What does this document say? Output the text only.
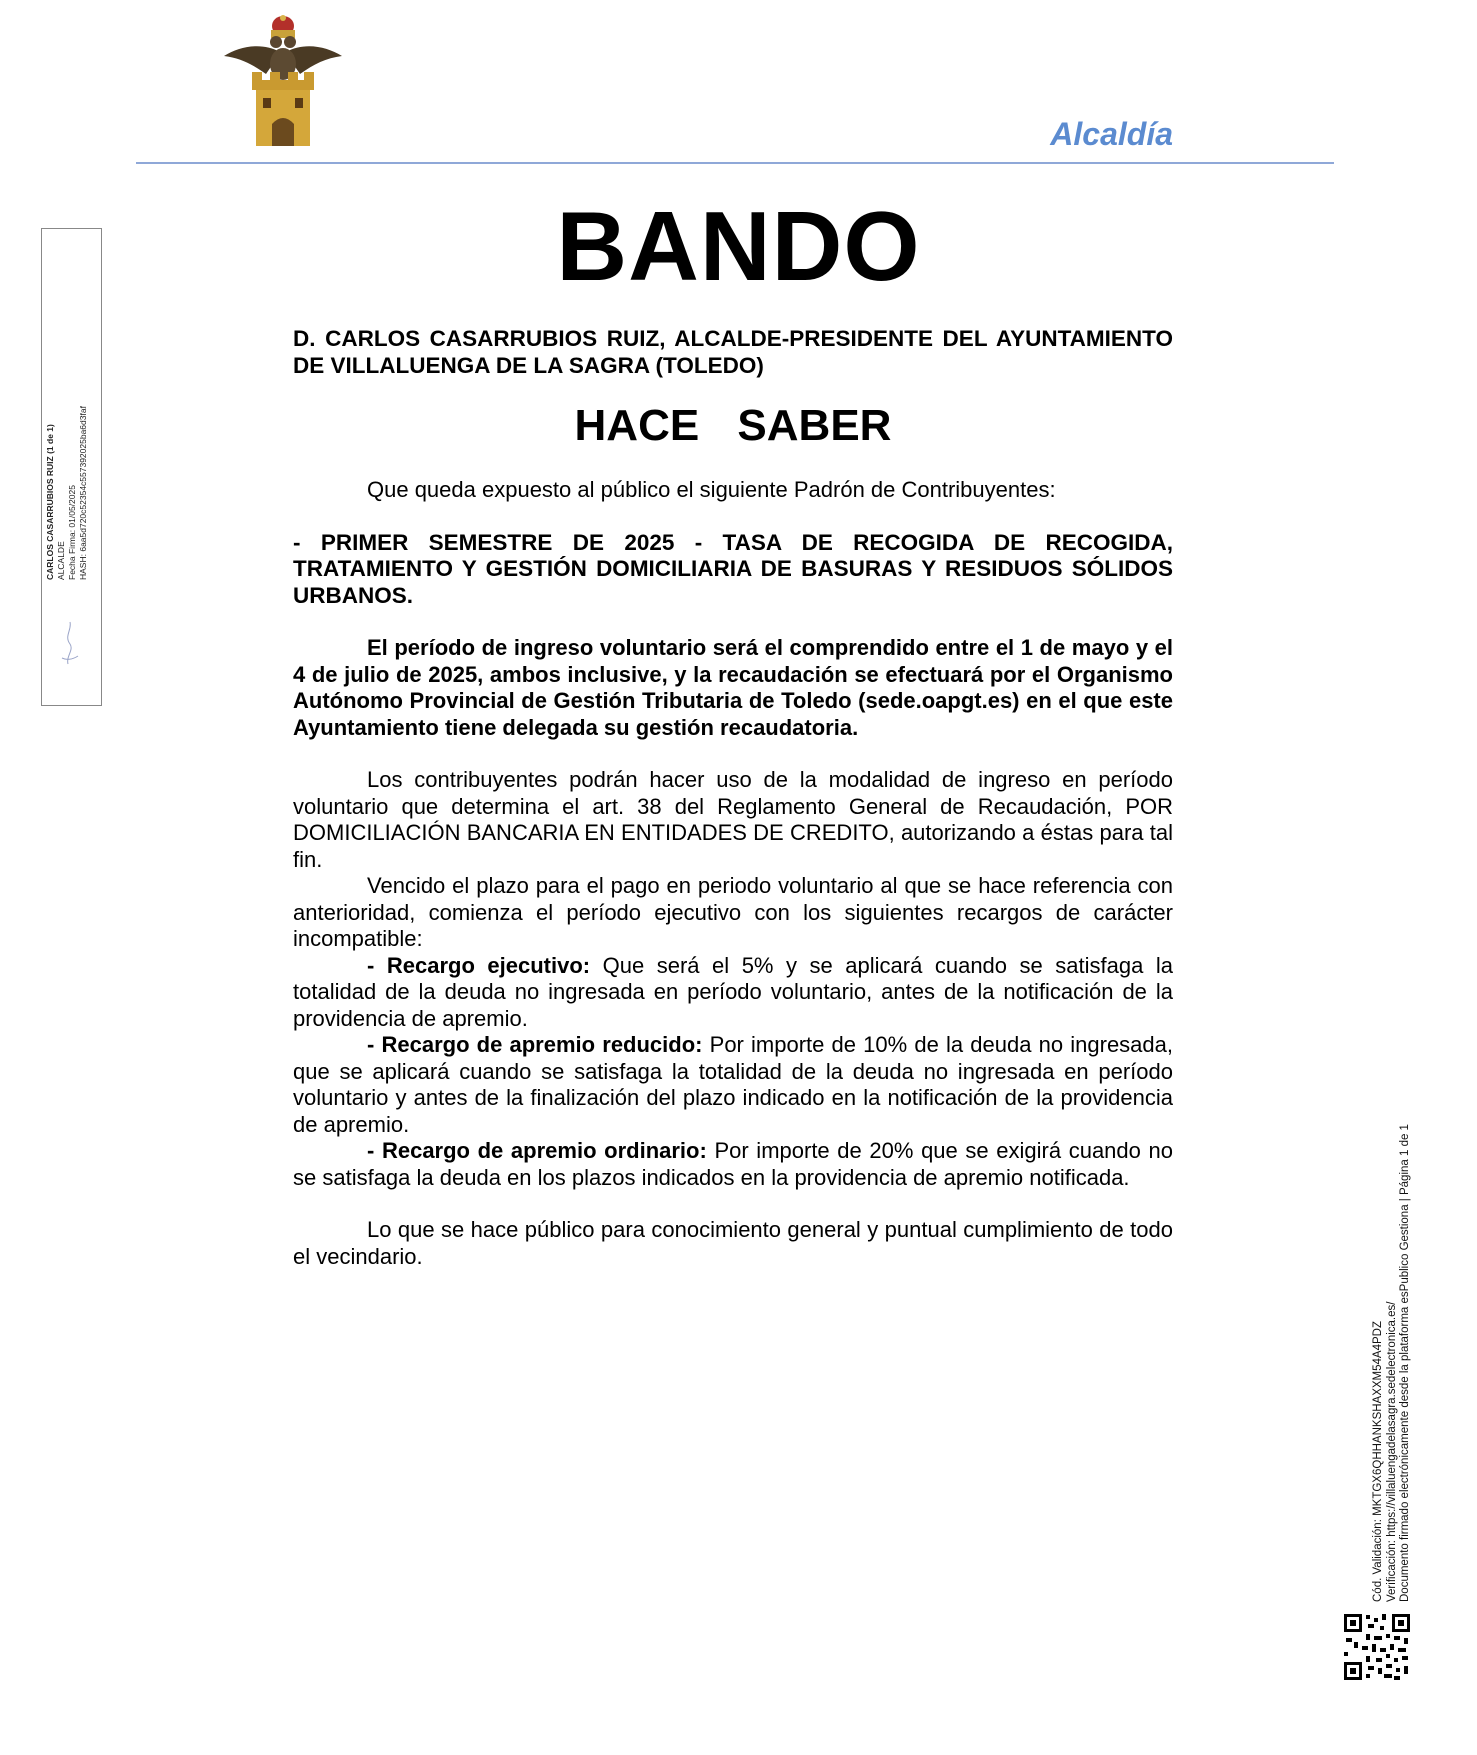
Alcaldía
BANDO

D. CARLOS CASARRUBIOS RUIZ, ALCALDE-PRESIDENTE DEL AYUNTAMIENTO DE VILLALUENGA DE LA SAGRA (TOLEDO)

HACE SABER

Que queda expuesto al público el siguiente Padrón de Contribuyentes:

- PRIMER SEMESTRE DE 2025 - TASA DE RECOGIDA DE RECOGIDA, TRATAMIENTO Y GESTIÓN DOMICILIARIA DE BASURAS Y RESIDUOS SÓLIDOS URBANOS.

El período de ingreso voluntario será el comprendido entre el 1 de mayo y el 4 de julio de 2025, ambos inclusive, y la recaudación se efectuará por el Organismo Autónomo Provincial de Gestión Tributaria de Toledo (sede.oapgt.es) en el que este Ayuntamiento tiene delegada su gestión recaudatoria.

Los contribuyentes podrán hacer uso de la modalidad de ingreso en período voluntario que determina el art. 38 del Reglamento General de Recaudación, POR DOMICILIACIÓN BANCARIA EN ENTIDADES DE CREDITO, autorizando a éstas para tal fin.

Vencido el plazo para el pago en periodo voluntario al que se hace referencia con anterioridad, comienza el período ejecutivo con los siguientes recargos de carácter incompatible:

- Recargo ejecutivo: Que será el 5% y se aplicará cuando se satisfaga la totalidad de la deuda no ingresada en período voluntario, antes de la notificación de la providencia de apremio.

- Recargo de apremio reducido: Por importe de 10% de la deuda no ingresada, que se aplicará cuando se satisfaga la totalidad de la deuda no ingresada en período voluntario y antes de la finalización del plazo indicado en la notificación de la providencia de apremio.

- Recargo de apremio ordinario: Por importe de 20% que se exigirá cuando no se satisfaga la deuda en los plazos indicados en la providencia de apremio notificada.

Lo que se hace público para conocimiento general y puntual cumplimiento de todo el vecindario.

CARLOS CASARRUBIOS RUIZ (1 de 1) ALCALDE Fecha Firma: 01/05/2025 HASH: 6aa5d720c52354c557392025ba6d3faf
Cód. Validación: MKTGX6QHHANKSHAXXM54A4PDZ Verificación: https://villaluengadelasagra.sedelectronica.es/ Documento firmado electrónicamente desde la plataforma esPublico Gestiona | Página 1 de 1
